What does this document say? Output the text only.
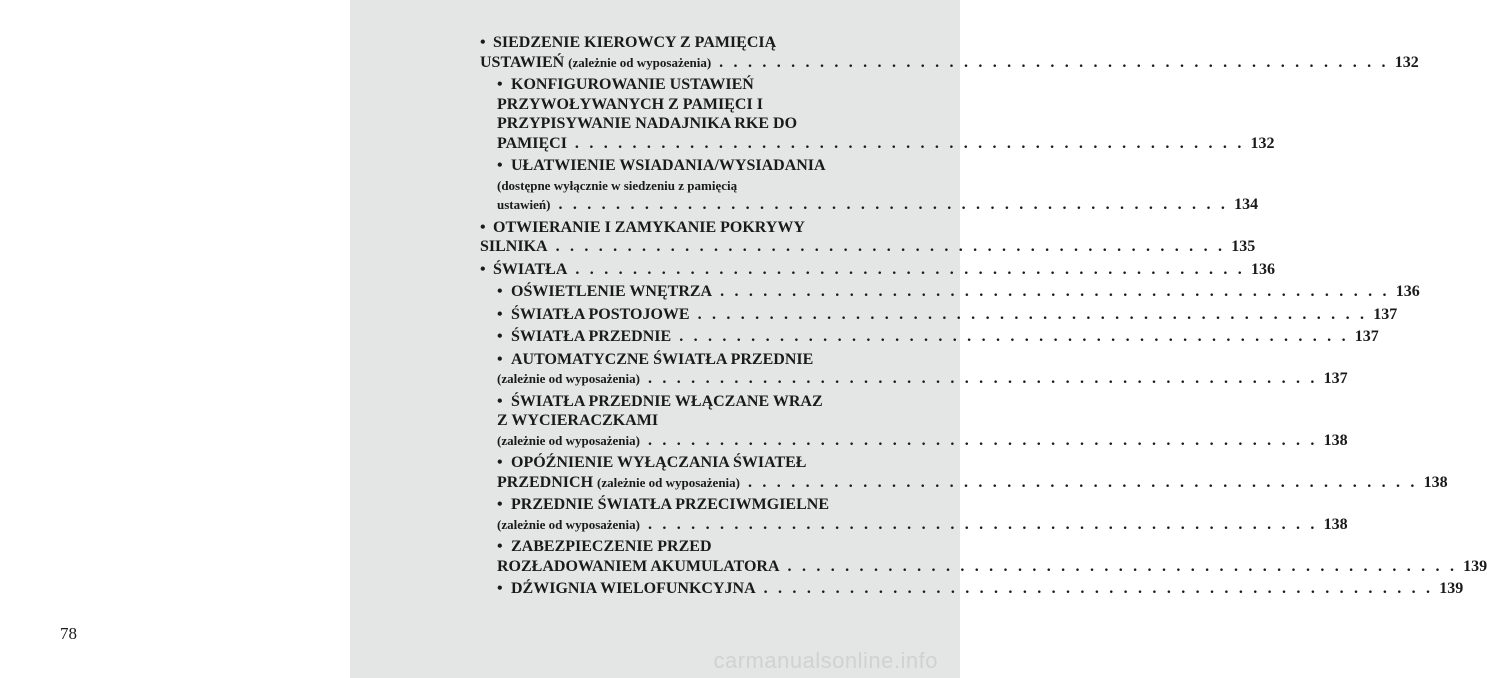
78
• SIEDZENIE KIEROWCY Z PAMIĘCIĄ
USTAWIEŃ (zależnie od wyposażenia) . . . . . . . . . . . . . . . . . . . . . . . . . . . . . . . . . . . . . . . . . . . . . . . 132
• KONFIGUROWANIE USTAWIEŃ
PRZYWOŁYWANYCH Z PAMIĘCI I
PRZYPISYWANIE NADAJNIKA RKE DO
PAMIĘCI . . . . . . . . . . . . . . . . . . . . . . . . . . . . . . . . . . . . . . . . . . . . . . . 132
• UŁATWIENIE WSIADANIA/WYSIADANIA
(dostępne wyłącznie w siedzeniu z pamięcią
ustawień) . . . . . . . . . . . . . . . . . . . . . . . . . . . . . . . . . . . . . . . . . . . . . . . 134
• OTWIERANIE I ZAMYKANIE POKRYWY
SILNIKA . . . . . . . . . . . . . . . . . . . . . . . . . . . . . . . . . . . . . . . . . . . . . . . 135
• ŚWIATŁA . . . . . . . . . . . . . . . . . . . . . . . . . . . . . . . . . . . . . . . . . . . . . . . 136
• OŚWIETLENIE WNĘTRZA . . . . . . . . . . . . . . . . . . . . . . . . . . . . . . . . . . . . . . . . . . . . . . . 136
• ŚWIATŁA POSTOJOWE . . . . . . . . . . . . . . . . . . . . . . . . . . . . . . . . . . . . . . . . . . . . . . . 137
• ŚWIATŁA PRZEDNIE . . . . . . . . . . . . . . . . . . . . . . . . . . . . . . . . . . . . . . . . . . . . . . . 137
• AUTOMATYCZNE ŚWIATŁA PRZEDNIE
(zależnie od wyposażenia) . . . . . . . . . . . . . . . . . . . . . . . . . . . . . . . . . . . . . . . . . . . . . . . 137
• ŚWIATŁA PRZEDNIE WŁĄCZANE WRAZ
Z WYCIERACZKAMI
(zależnie od wyposażenia) . . . . . . . . . . . . . . . . . . . . . . . . . . . . . . . . . . . . . . . . . . . . . . . 138
• OPÓŹNIENIE WYŁĄCZANIA ŚWIATEŁ
PRZEDNICH (zależnie od wyposażenia) . . . . . . . . . . . . . . . . . . . . . . . . . . . . . . . . . . . . . . . . . . . . . . . 138
• PRZEDNIE ŚWIATŁA PRZECIWMGIELNE
(zależnie od wyposażenia) . . . . . . . . . . . . . . . . . . . . . . . . . . . . . . . . . . . . . . . . . . . . . . . 138
• ZABEZPIECZENIE PRZED
ROZŁADOWANIEM AKUMULATORA . . . . . . . . . . . . . . . . . . . . . . . . . . . . . . . . . . . . . . . . . . . . . . . 139
• DŹWIGNIA WIELOFUNKCYJNA . . . . . . . . . . . . . . . . . . . . . . . . . . . . . . . . . . . . . . . . . . . . . . . 139
carmanualsonline.info
